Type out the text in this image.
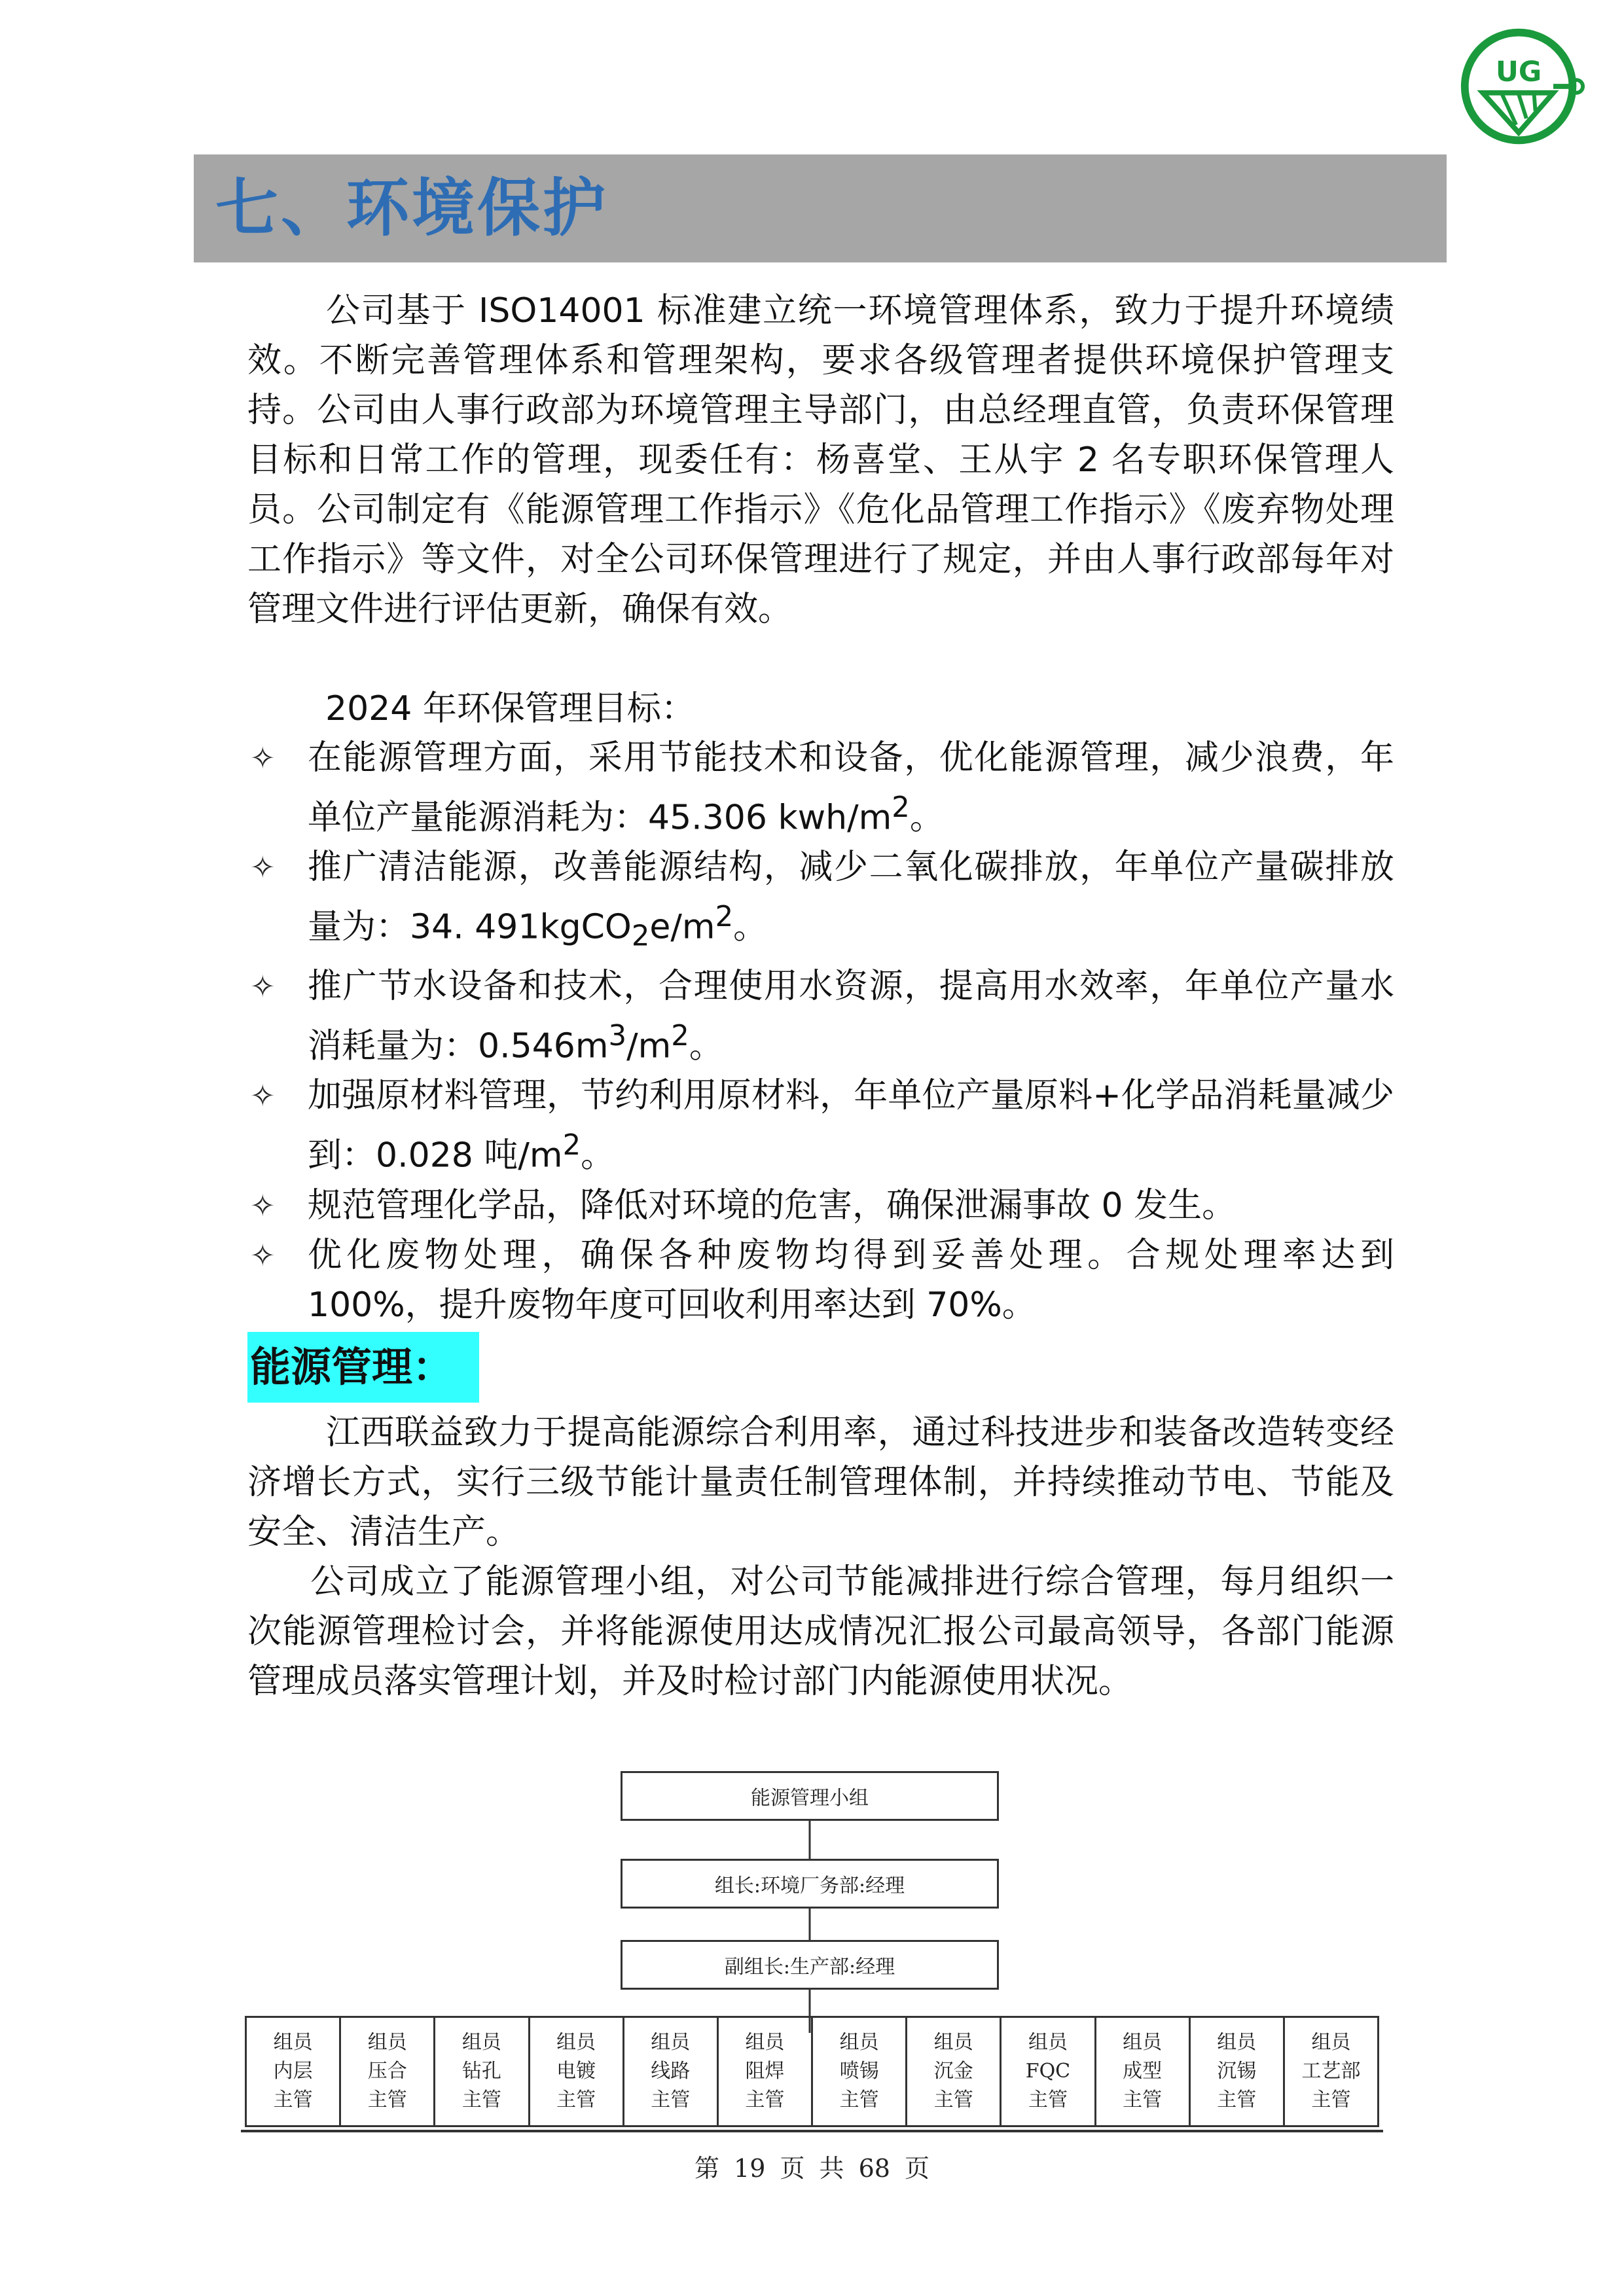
UG
七、环境保护

公司基于 ISO14001 标准建立统一环境管理体系，致力于提升环境绩效。不断完善管理体系和管理架构，要求各级管理者提供环境保护管理支持。公司由人事行政部为环境管理主导部门，由总经理直管，负责环保管理目标和日常工作的管理，现委任有：杨喜堂、王从宇 2 名专职环保管理人员。公司制定有《能源管理工作指示》《危化品管理工作指示》《废弃物处理工作指示》等文件，对全公司环保管理进行了规定，并由人事行政部每年对管理文件进行评估更新，确保有效。

2024 年环保管理目标：
✧ 在能源管理方面，采用节能技术和设备，优化能源管理，减少浪费，年单位产量能源消耗为：45.306 kwh/$m^2$。
✧ 推广清洁能源，改善能源结构，减少二氧化碳排放，年单位产量碳排放量为：34. $491kgCO_2e/m^2$。
✧ 推广节水设备和技术，合理使用水资源，提高用水效率，年单位产量水消耗量为：$0.546m^3/m^2$。
✧ 加强原材料管理，节约利用原材料，年单位产量原料+化学品消耗量减少到：0.028 吨$/m^2$。
✧ 规范管理化学品，降低对环境的危害，确保泄漏事故 0 发生。
✧ 优化废物处理，确保各种废物均得到妥善处理。合规处理率达到 100%，提升废物年度可回收利用率达到 70%。
能源管理：

江西联益致力于提高能源综合利用率，通过科技进步和装备改造转变经济增长方式，实行三级节能计量责任制管理体制，并持续推动节电、节能及安全、清洁生产。

公司成立了能源管理小组，对公司节能减排进行综合管理，每月组织一次能源管理检讨会，并将能源使用达成情况汇报公司最高领导，各部门能源管理成员落实管理计划，并及时检讨部门内能源使用状况。

能源管理小组
组长:环境厂务部:经理
副组长:生产部:经理
组员
内层
主管
组员
压合
主管
组员
钻孔
主管
组员
电镀
主管
组员
线路
主管
组员
阻焊
主管
组员
喷锡
主管
组员
沉金
主管
组员
FQC
主管
组员
成型
主管
组员
沉锡
主管
组员
工艺部
主管
第 19 页 共 68 页
